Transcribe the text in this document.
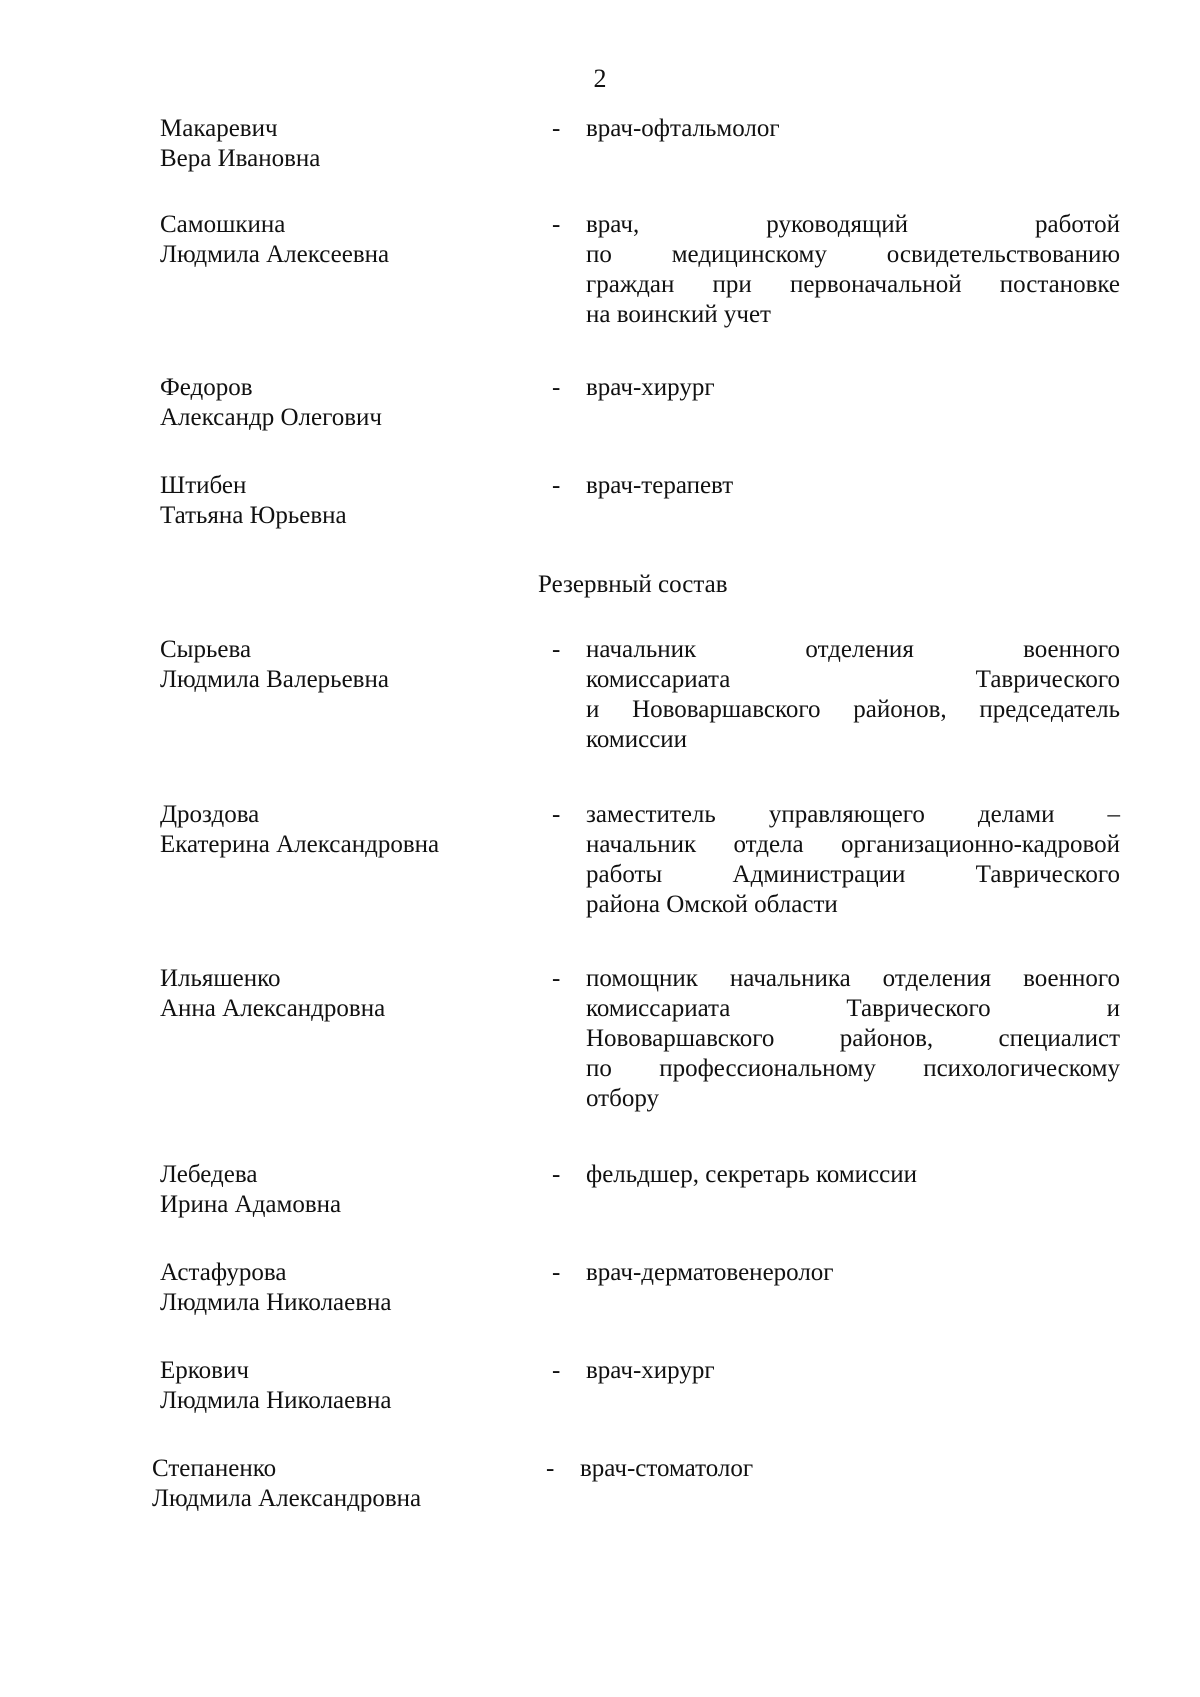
2
Макаревич
Вера Ивановна
-	врач-офтальмолог
Самошкина
Людмила Алексеевна
-	врач, руководящий работой
по медицинскому освидетельствованию
граждан при первоначальной постановке
на воинский учет
Федоров
Александр Олегович
-	врач-хирург
Штибен
Татьяна Юрьевна
-	врач-терапевт
Резервный состав
Сырьева
Людмила Валерьевна
-	начальник отделения военного
комиссариата Таврического
и Нововаршавского районов, председатель
комиссии
Дроздова
Екатерина Александровна
-	заместитель управляющего делами –
начальник отдела организационно-кадровой
работы Администрации Таврического
района Омской области
Ильяшенко
Анна Александровна
-	помощник начальника отделения военного
комиссариата Таврического и
Нововаршавского районов, специалист
по профессиональному психологическому
отбору
Лебедева
Ирина Адамовна
-	фельдшер, секретарь комиссии
Астафурова
Людмила Николаевна
-	врач-дерматовенеролог
Еркович
Людмила Николаевна
-	врач-хирург
Степаненко
Людмила Александровна
-	врач-стоматолог
